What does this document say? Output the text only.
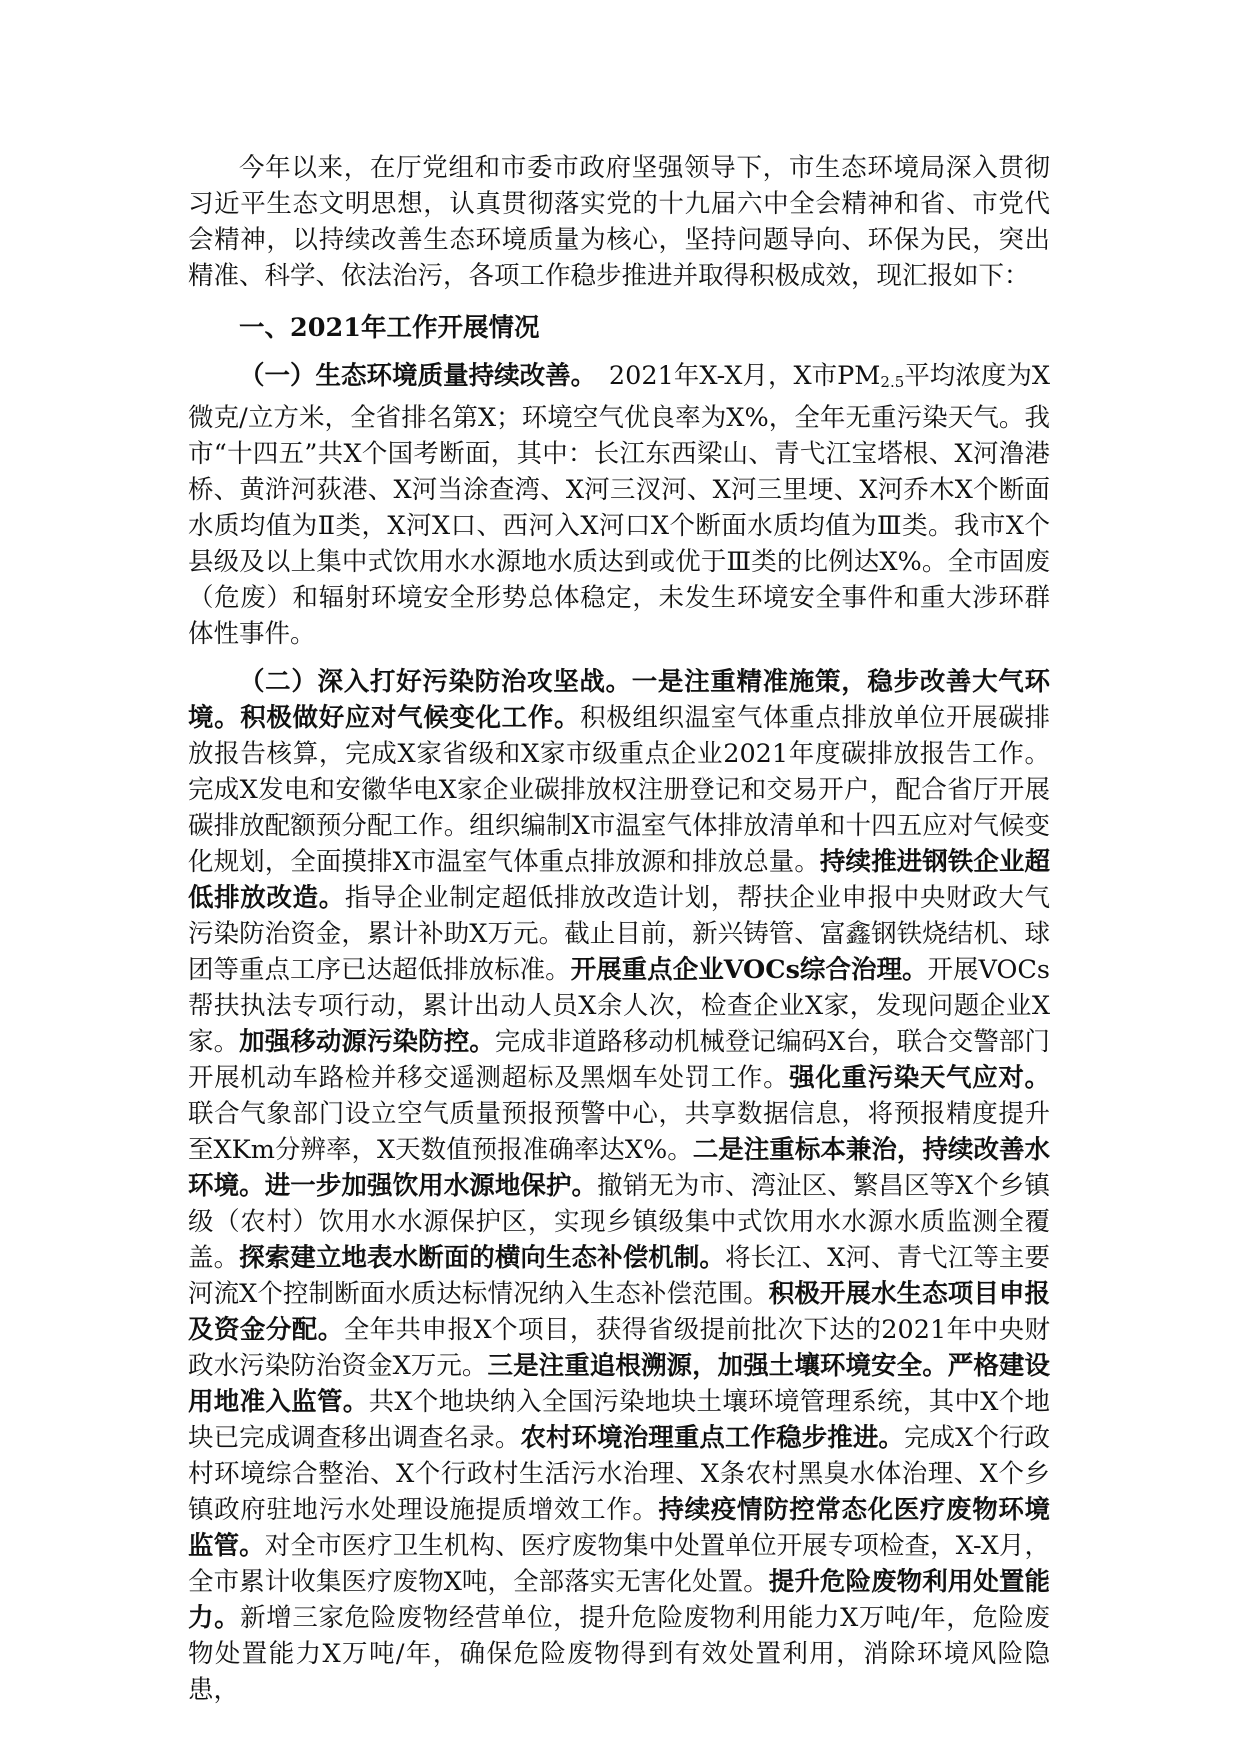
今年以来，在厅党组和市委市政府坚强领导下，市生态环境局深入贯彻习近平生态文明思想，认真贯彻落实党的十九届六中全会精神和省、市党代会精神，以持续改善生态环境质量为核心，坚持问题导向、环保为民，突出精准、科学、依法治污，各项工作稳步推进并取得积极成效，现汇报如下：

一、2021年工作开展情况

（一）生态环境质量持续改善。　2021年X-X月，X市$PM_{2.5}$平均浓度为X微克/立方米，全省排名第X；环境空气优良率为X%，全年无重污染天气。我市“十四五”共X个国考断面，其中：长江东西梁山、青弋江宝塔根、X河澛港桥、黄浒河荻港、X河当涂查湾、X河三汊河、X河三里埂、X河乔木X个断面水质均值为Ⅱ类，X河X口、西河入X河口X个断面水质均值为Ⅲ类。我市X个县级及以上集中式饮用水水源地水质达到或优于Ⅲ类的比例达X%。全市固废（危废）和辐射环境安全形势总体稳定，未发生环境安全事件和重大涉环群体性事件。

（二）深入打好污染防治攻坚战。一是注重精准施策，稳步改善大气环境。积极做好应对气候变化工作。积极组织温室气体重点排放单位开展碳排放报告核算，完成X家省级和X家市级重点企业2021年度碳排放报告工作。完成X发电和安徽华电X家企业碳排放权注册登记和交易开户，配合省厅开展碳排放配额预分配工作。组织编制X市温室气体排放清单和十四五应对气候变化规划，全面摸排X市温室气体重点排放源和排放总量。持续推进钢铁企业超低排放改造。指导企业制定超低排放改造计划，帮扶企业申报中央财政大气污染防治资金，累计补助X万元。截止目前，新兴铸管、富鑫钢铁烧结机、球团等重点工序已达超低排放标准。开展重点企业VOCs综合治理。开展VOCs帮扶执法专项行动，累计出动人员X余人次，检查企业X家，发现问题企业X家。加强移动源污染防控。完成非道路移动机械登记编码X台，联合交警部门开展机动车路检并移交遥测超标及黑烟车处罚工作。强化重污染天气应对。联合气象部门设立空气质量预报预警中心，共享数据信息，将预报精度提升至XKm分辨率，X天数值预报准确率达X%。二是注重标本兼治，持续改善水环境。进一步加强饮用水源地保护。撤销无为市、湾沚区、繁昌区等X个乡镇级（农村）饮用水水源保护区，实现乡镇级集中式饮用水水源水质监测全覆盖。探索建立地表水断面的横向生态补偿机制。将长江、X河、青弋江等主要河流X个控制断面水质达标情况纳入生态补偿范围。积极开展水生态项目申报及资金分配。全年共申报X个项目，获得省级提前批次下达的2021年中央财政水污染防治资金X万元。三是注重追根溯源，加强土壤环境安全。严格建设用地准入监管。共X个地块纳入全国污染地块土壤环境管理系统，其中X个地块已完成调查移出调查名录。农村环境治理重点工作稳步推进。完成X个行政村环境综合整治、X个行政村生活污水治理、X条农村黑臭水体治理、X个乡镇政府驻地污水处理设施提质增效工作。持续疫情防控常态化医疗废物环境监管。对全市医疗卫生机构、医疗废物集中处置单位开展专项检查，X-X月，全市累计收集医疗废物X吨，全部落实无害化处置。提升危险废物利用处置能力。新增三家危险废物经营单位，提升危险废物利用能力X万吨/年，危险废物处置能力X万吨/年，确保危险废物得到有效处置利用，消除环境风险隐患，
